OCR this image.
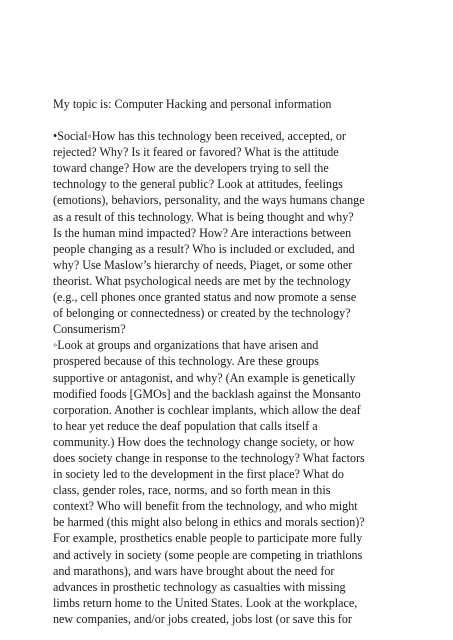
My topic is: Computer Hacking and personal information

•Social◦How has this technology been received, accepted, or
rejected? Why? Is it feared or favored? What is the attitude
toward change? How are the developers trying to sell the
technology to the general public? Look at attitudes, feelings
(emotions), behaviors, personality, and the ways humans change
as a result of this technology. What is being thought and why?
Is the human mind impacted? How? Are interactions between
people changing as a result? Who is included or excluded, and
why? Use Maslow’s hierarchy of needs, Piaget, or some other
theorist. What psychological needs are met by the technology
(e.g., cell phones once granted status and now promote a sense
of belonging or connectedness) or created by the technology?
Consumerism?

◦Look at groups and organizations that have arisen and
prospered because of this technology. Are these groups
supportive or antagonist, and why? (An example is genetically
modified foods [GMOs] and the backlash against the Monsanto
corporation. Another is cochlear implants, which allow the deaf
to hear yet reduce the deaf population that calls itself a
community.) How does the technology change society, or how
does society change in response to the technology? What factors
in society led to the development in the first place? What do
class, gender roles, race, norms, and so forth mean in this
context? Who will benefit from the technology, and who might
be harmed (this might also belong in ethics and morals section)?
For example, prosthetics enable people to participate more fully
and actively in society (some people are competing in triathlons
and marathons), and wars have brought about the need for
advances in prosthetic technology as casualties with missing
limbs return home to the United States. Look at the workplace,
new companies, and/or jobs created, jobs lost (or save this for
